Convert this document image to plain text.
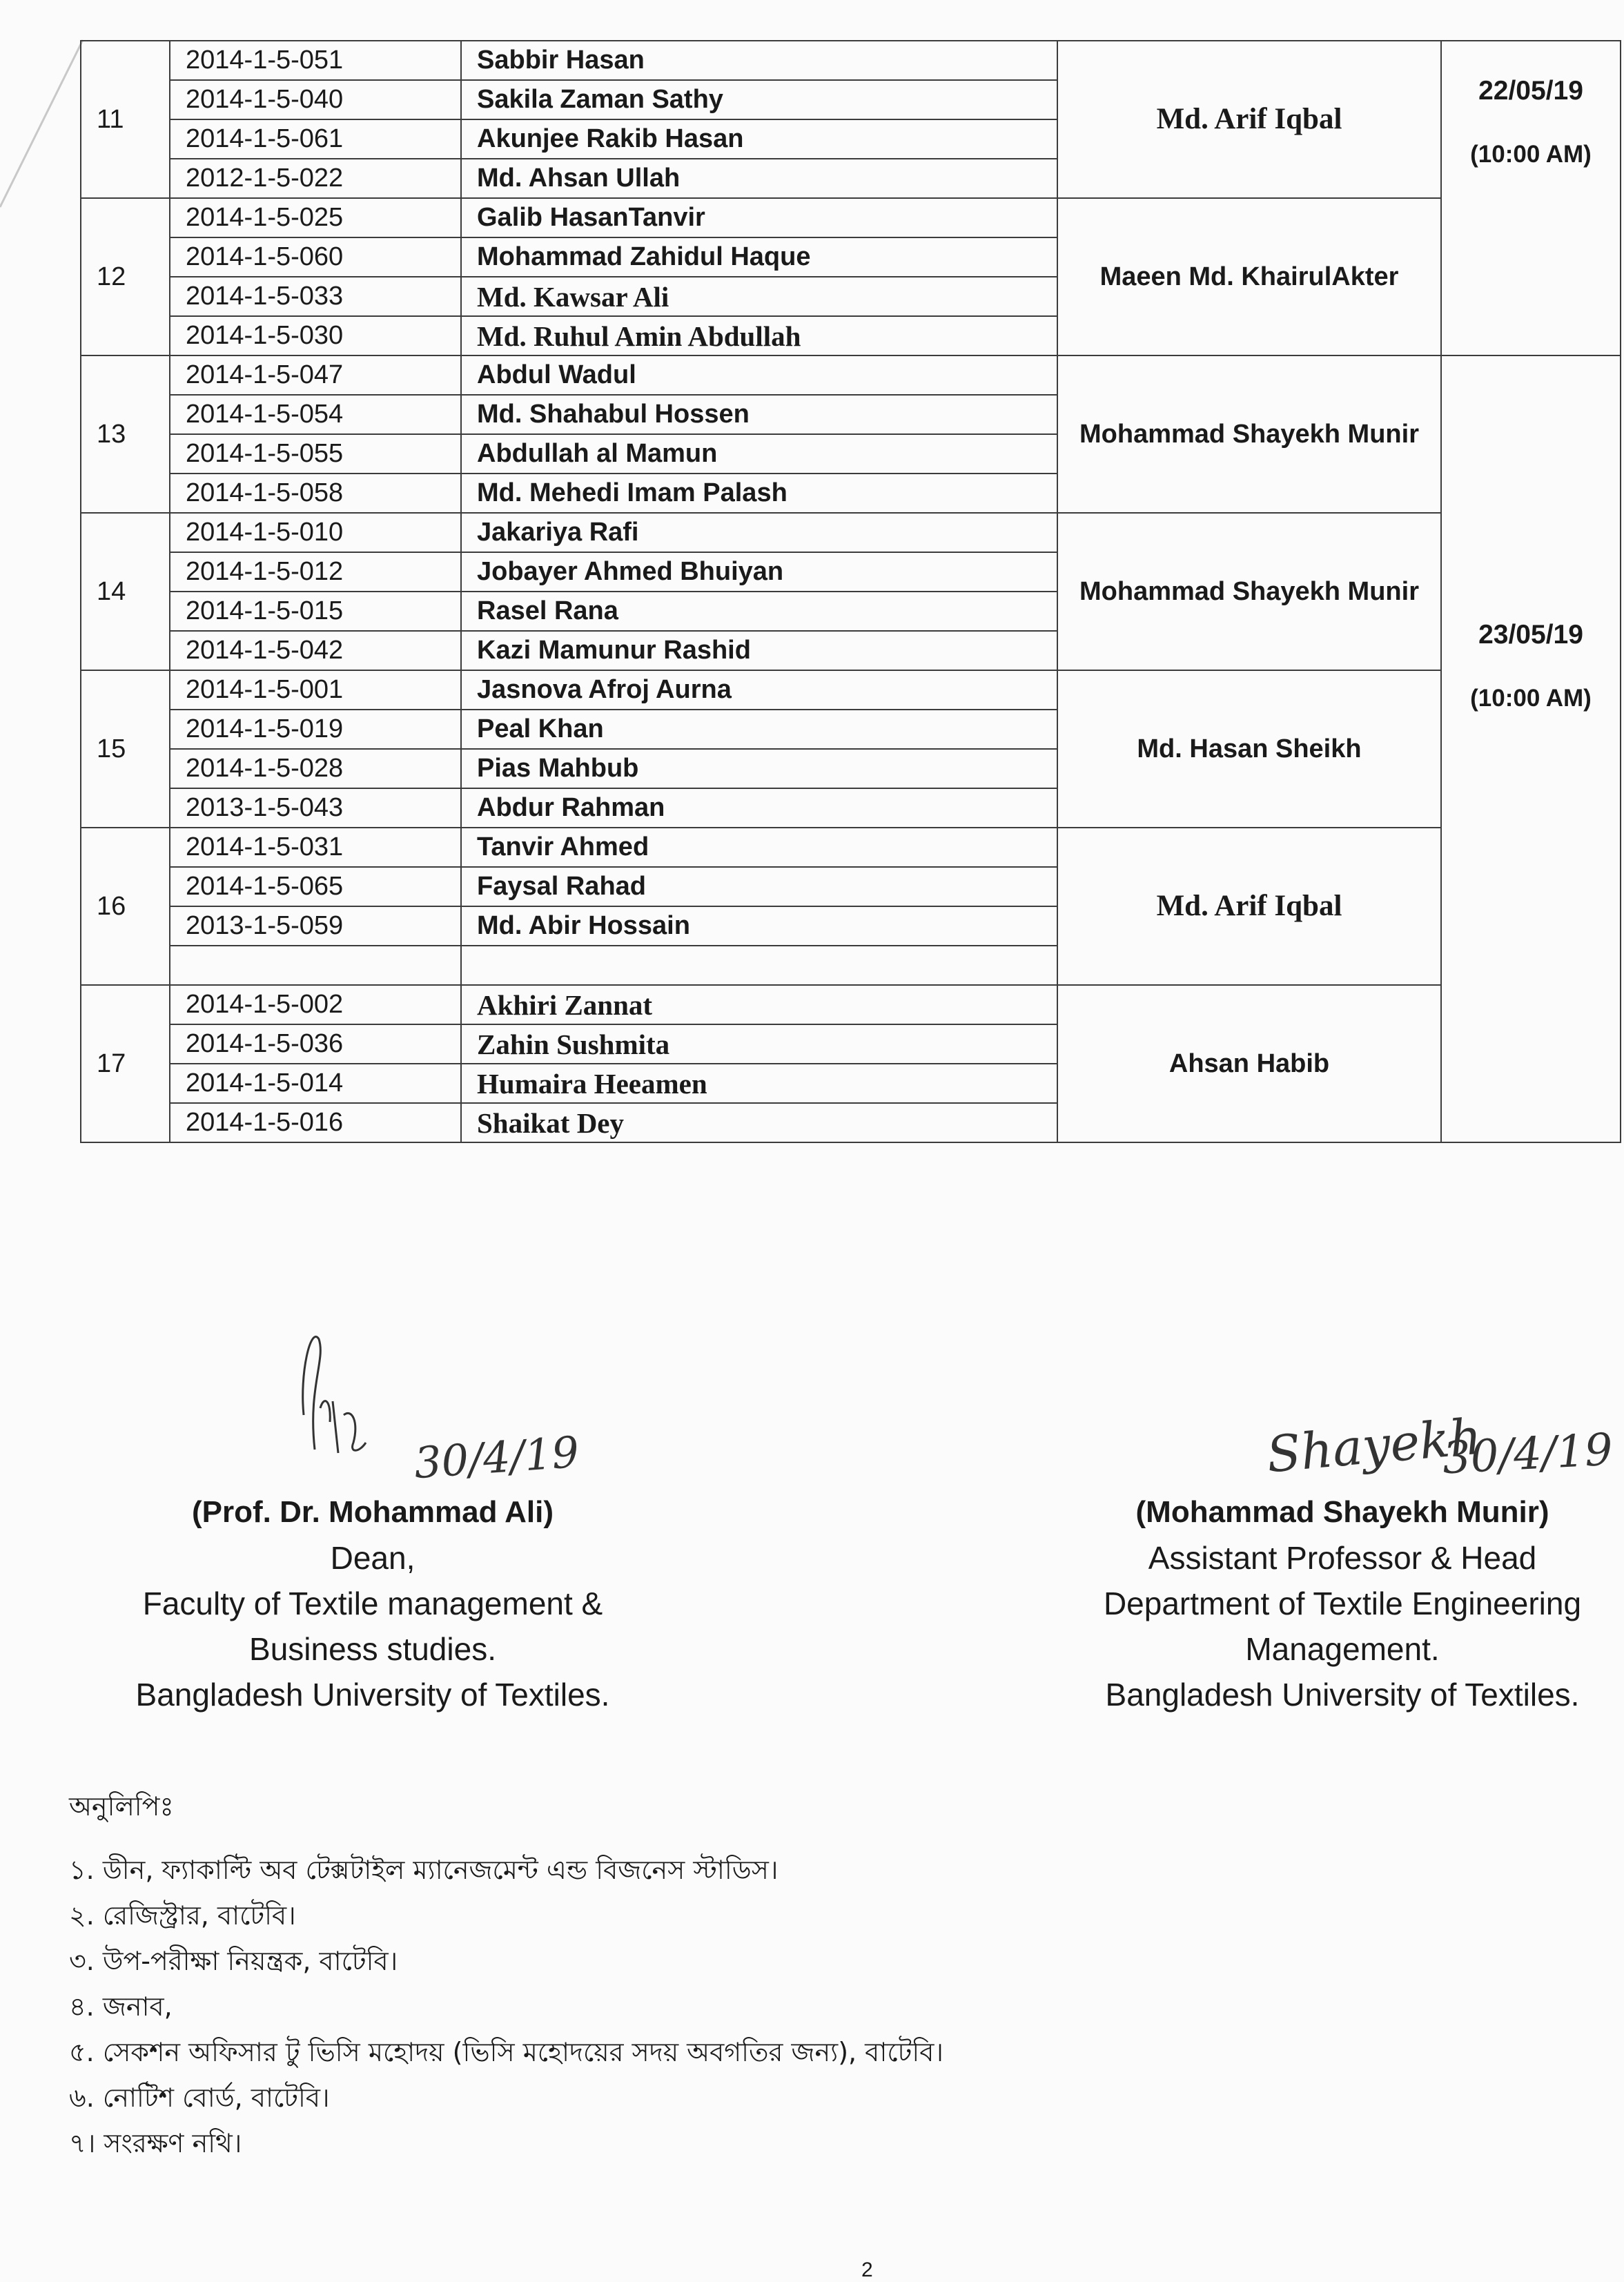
11	2014-1-5-051	Sabbir Hasan	Md. Arif Iqbal	22/05/19
(10:00 AM)

	2014-1-5-040	Sakila Zaman Sathy		
	2014-1-5-061	Akunjee Rakib Hasan		
	2012-1-5-022	Md. Ahsan Ullah		
12	2014-1-5-025	Galib HasanTanvir	Maeen Md. KhairulAkter	
	2014-1-5-060	Mohammad Zahidul Haque		
	2014-1-5-033	Md. Kawsar Ali		
	2014-1-5-030	Md. Ruhul Amin Abdullah		
13	2014-1-5-047	Abdul Wadul	Mohammad Shayekh Munir	23/05/19
(10:00 AM)

	2014-1-5-054	Md. Shahabul Hossen		
	2014-1-5-055	Abdullah al Mamun		
	2014-1-5-058	Md. Mehedi Imam Palash		
14	2014-1-5-010	Jakariya Rafi	Mohammad Shayekh Munir	
	2014-1-5-012	Jobayer Ahmed Bhuiyan		
	2014-1-5-015	Rasel Rana		
	2014-1-5-042	Kazi Mamunur Rashid		
15	2014-1-5-001	Jasnova Afroj Aurna	Md. Hasan Sheikh	
	2014-1-5-019	Peal Khan		
	2014-1-5-028	Pias Mahbub		
	2013-1-5-043	Abdur Rahman		
16	2014-1-5-031	Tanvir Ahmed	Md. Arif Iqbal	
	2014-1-5-065	Faysal Rahad		
	2013-1-5-059	Md. Abir Hossain		

17	2014-1-5-002	Akhiri Zannat	Ahsan Habib	
	2014-1-5-036	Zahin Sushmita		
	2014-1-5-014	Humaira Heeamen		
	2014-1-5-016	Shaikat Dey		
30/4/19
(Prof. Dr. Mohammad Ali)
Dean,
Faculty of Textile management &
Business studies.
Bangladesh University of Textiles.
Shayekh
30/4/19
(Mohammad Shayekh Munir)
Assistant Professor & Head
Department of Textile Engineering
Management.
Bangladesh University of Textiles.
অনুলিপিঃ
১. ডীন, ফ্যাকাল্টি অব টেক্সটাইল ম্যানেজমেন্ট এন্ড বিজনেস স্টাডিস।
২. রেজিস্ট্রার, বাটেবি।
৩. উপ-পরীক্ষা নিয়ন্ত্রক, বাটেবি।
৪. জনাব,
৫. সেকশন অফিসার টু ভিসি মহোদয় (ভিসি মহোদয়ের সদয় অবগতির জন্য), বাটেবি।
৬. নোটিশ বোর্ড, বাটেবি।
৭। সংরক্ষণ নথি।
2
